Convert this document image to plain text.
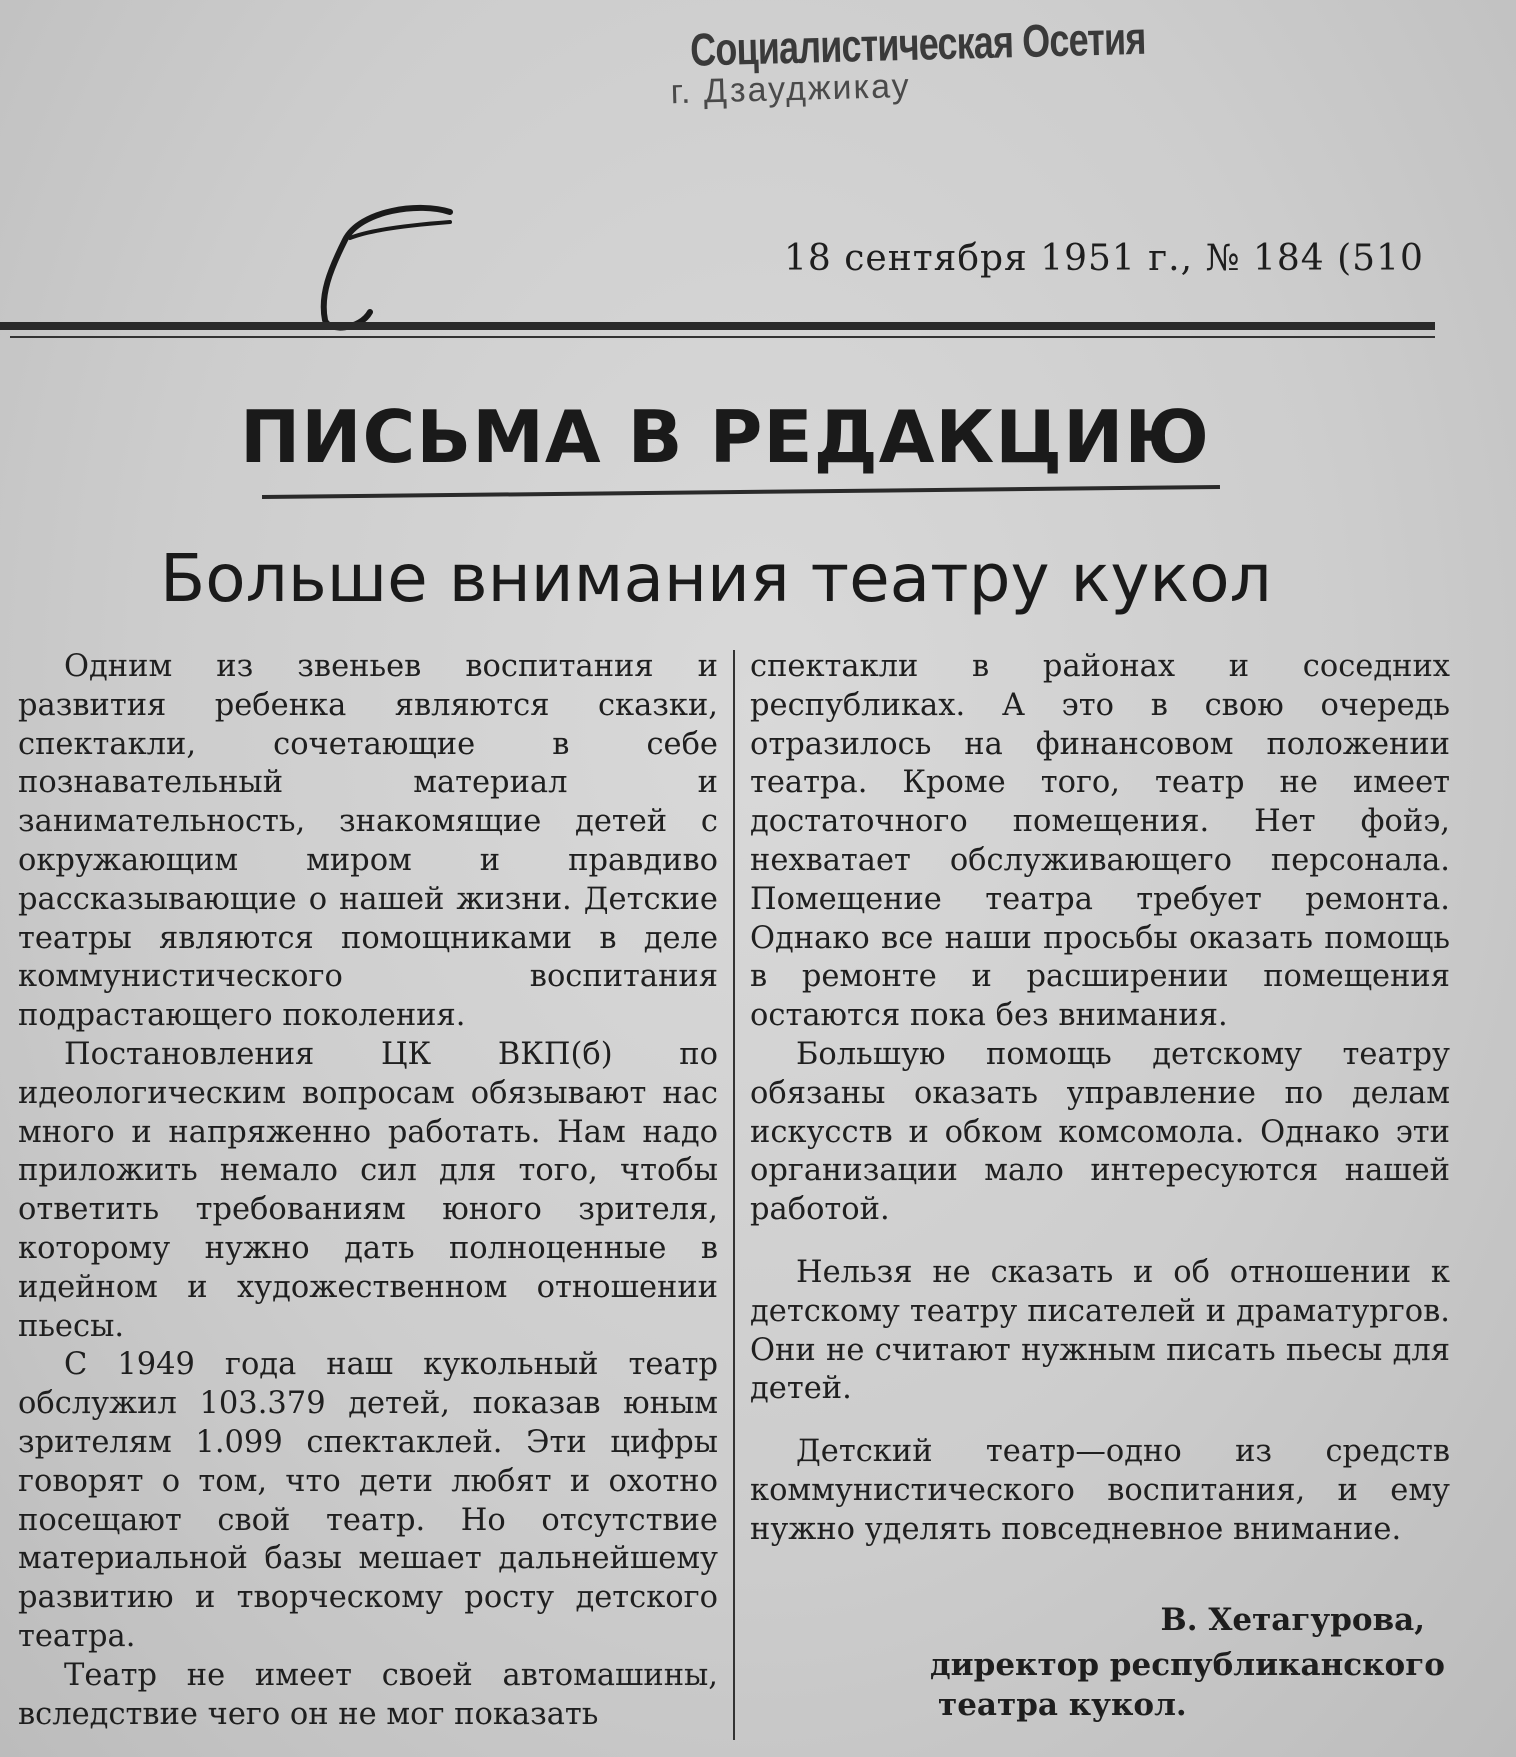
Социалистическая Осетия
г. Дзауджикау
18 сентября 1951 г., № 184 (510
ПИСЬМА В РЕДАКЦИЮ
Больше внимания театру кукол

Одним из звеньев воспитания и развития ребенка являются сказки, спектакли, сочетающие в себе познавательный материал и занимательность, знакомящие детей с окружающим миром и правдиво рассказывающие о нашей жизни. Детские театры являются помощниками в деле коммунистического воспитания подрастающего поколения.

Постановления ЦК ВКП(б) по идеологическим вопросам обязывают нас много и напряженно работать. Нам надо приложить немало сил для того, чтобы ответить требованиям юного зрителя, которому нужно дать полноценные в идейном и художественном отношении пьесы.

С 1949 года наш кукольный театр обслужил 103.379 детей, показав юным зрителям 1.099 спектаклей. Эти цифры говорят о том, что дети любят и охотно посещают свой театр. Но отсутствие материальной базы мешает дальнейшему развитию и творческому росту детского театра.

Театр не имеет своей автомашины, вследствие чего он не мог показать

спектакли в районах и соседних республиках. А это в свою очередь отразилось на финансовом положении театра. Кроме того, театр не имеет достаточного помещения. Нет фойэ, нехватает обслуживающего персонала. Помещение театра требует ремонта. Однако все наши просьбы оказать помощь в ремонте и расширении помещения остаются пока без внимания.

Большую помощь детскому театру обязаны оказать управление по делам искусств и обком комсомола. Однако эти организации мало интересуются нашей работой.

Нельзя не сказать и об отношении к детскому театру писателей и драматургов. Они не считают нужным писать пьесы для детей.

Детский театр—одно из средств коммунистического воспитания, и ему нужно уделять повседневное внимание.

В. Хетагурова,
директор республиканского
театра кукол.
